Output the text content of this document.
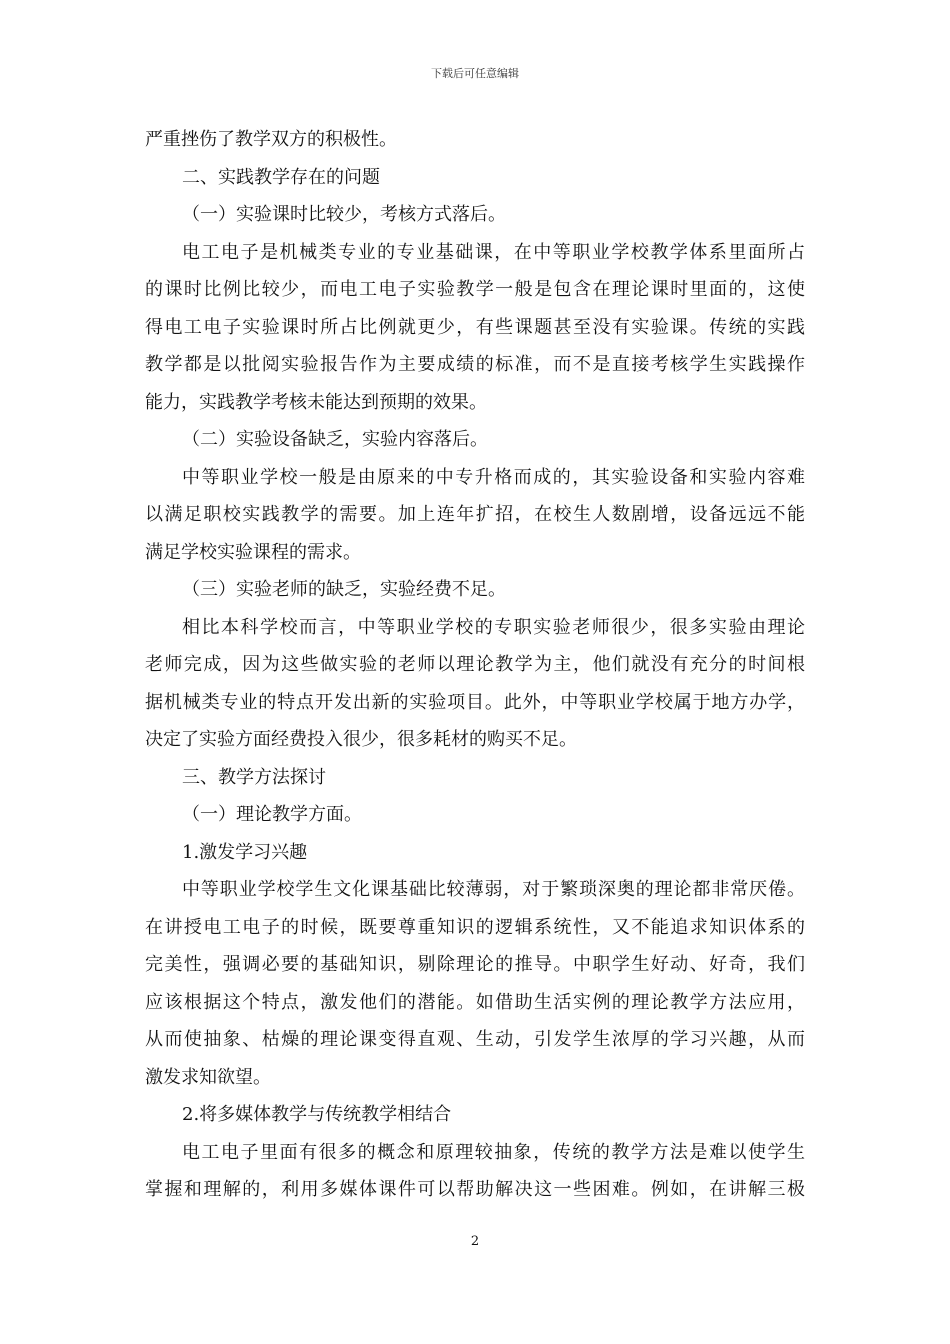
下载后可任意编辑
严重挫伤了教学双方的积极性。
二、实践教学存在的问题
（一）实验课时比较少，考核方式落后。
电工电子是机械类专业的专业基础课，在中等职业学校教学体系里面所占
的课时比例比较少，而电工电子实验教学一般是包含在理论课时里面的，这使
得电工电子实验课时所占比例就更少，有些课题甚至没有实验课。传统的实践
教学都是以批阅实验报告作为主要成绩的标准，而不是直接考核学生实践操作
能力，实践教学考核未能达到预期的效果。
（二）实验设备缺乏，实验内容落后。
中等职业学校一般是由原来的中专升格而成的，其实验设备和实验内容难
以满足职校实践教学的需要。加上连年扩招，在校生人数剧增，设备远远不能
满足学校实验课程的需求。
（三）实验老师的缺乏，实验经费不足。
相比本科学校而言，中等职业学校的专职实验老师很少，很多实验由理论
老师完成，因为这些做实验的老师以理论教学为主，他们就没有充分的时间根
据机械类专业的特点开发出新的实验项目。此外，中等职业学校属于地方办学，
决定了实验方面经费投入很少，很多耗材的购买不足。
三、教学方法探讨
（一）理论教学方面。
1.激发学习兴趣
中等职业学校学生文化课基础比较薄弱，对于繁琐深奥的理论都非常厌倦。
在讲授电工电子的时候，既要尊重知识的逻辑系统性，又不能追求知识体系的
完美性，强调必要的基础知识，剔除理论的推导。中职学生好动、好奇，我们
应该根据这个特点，激发他们的潜能。如借助生活实例的理论教学方法应用，
从而使抽象、枯燥的理论课变得直观、生动，引发学生浓厚的学习兴趣，从而
激发求知欲望。
2.将多媒体教学与传统教学相结合
电工电子里面有很多的概念和原理较抽象，传统的教学方法是难以使学生
掌握和理解的，利用多媒体课件可以帮助解决这一些困难。例如，在讲解三极
2
